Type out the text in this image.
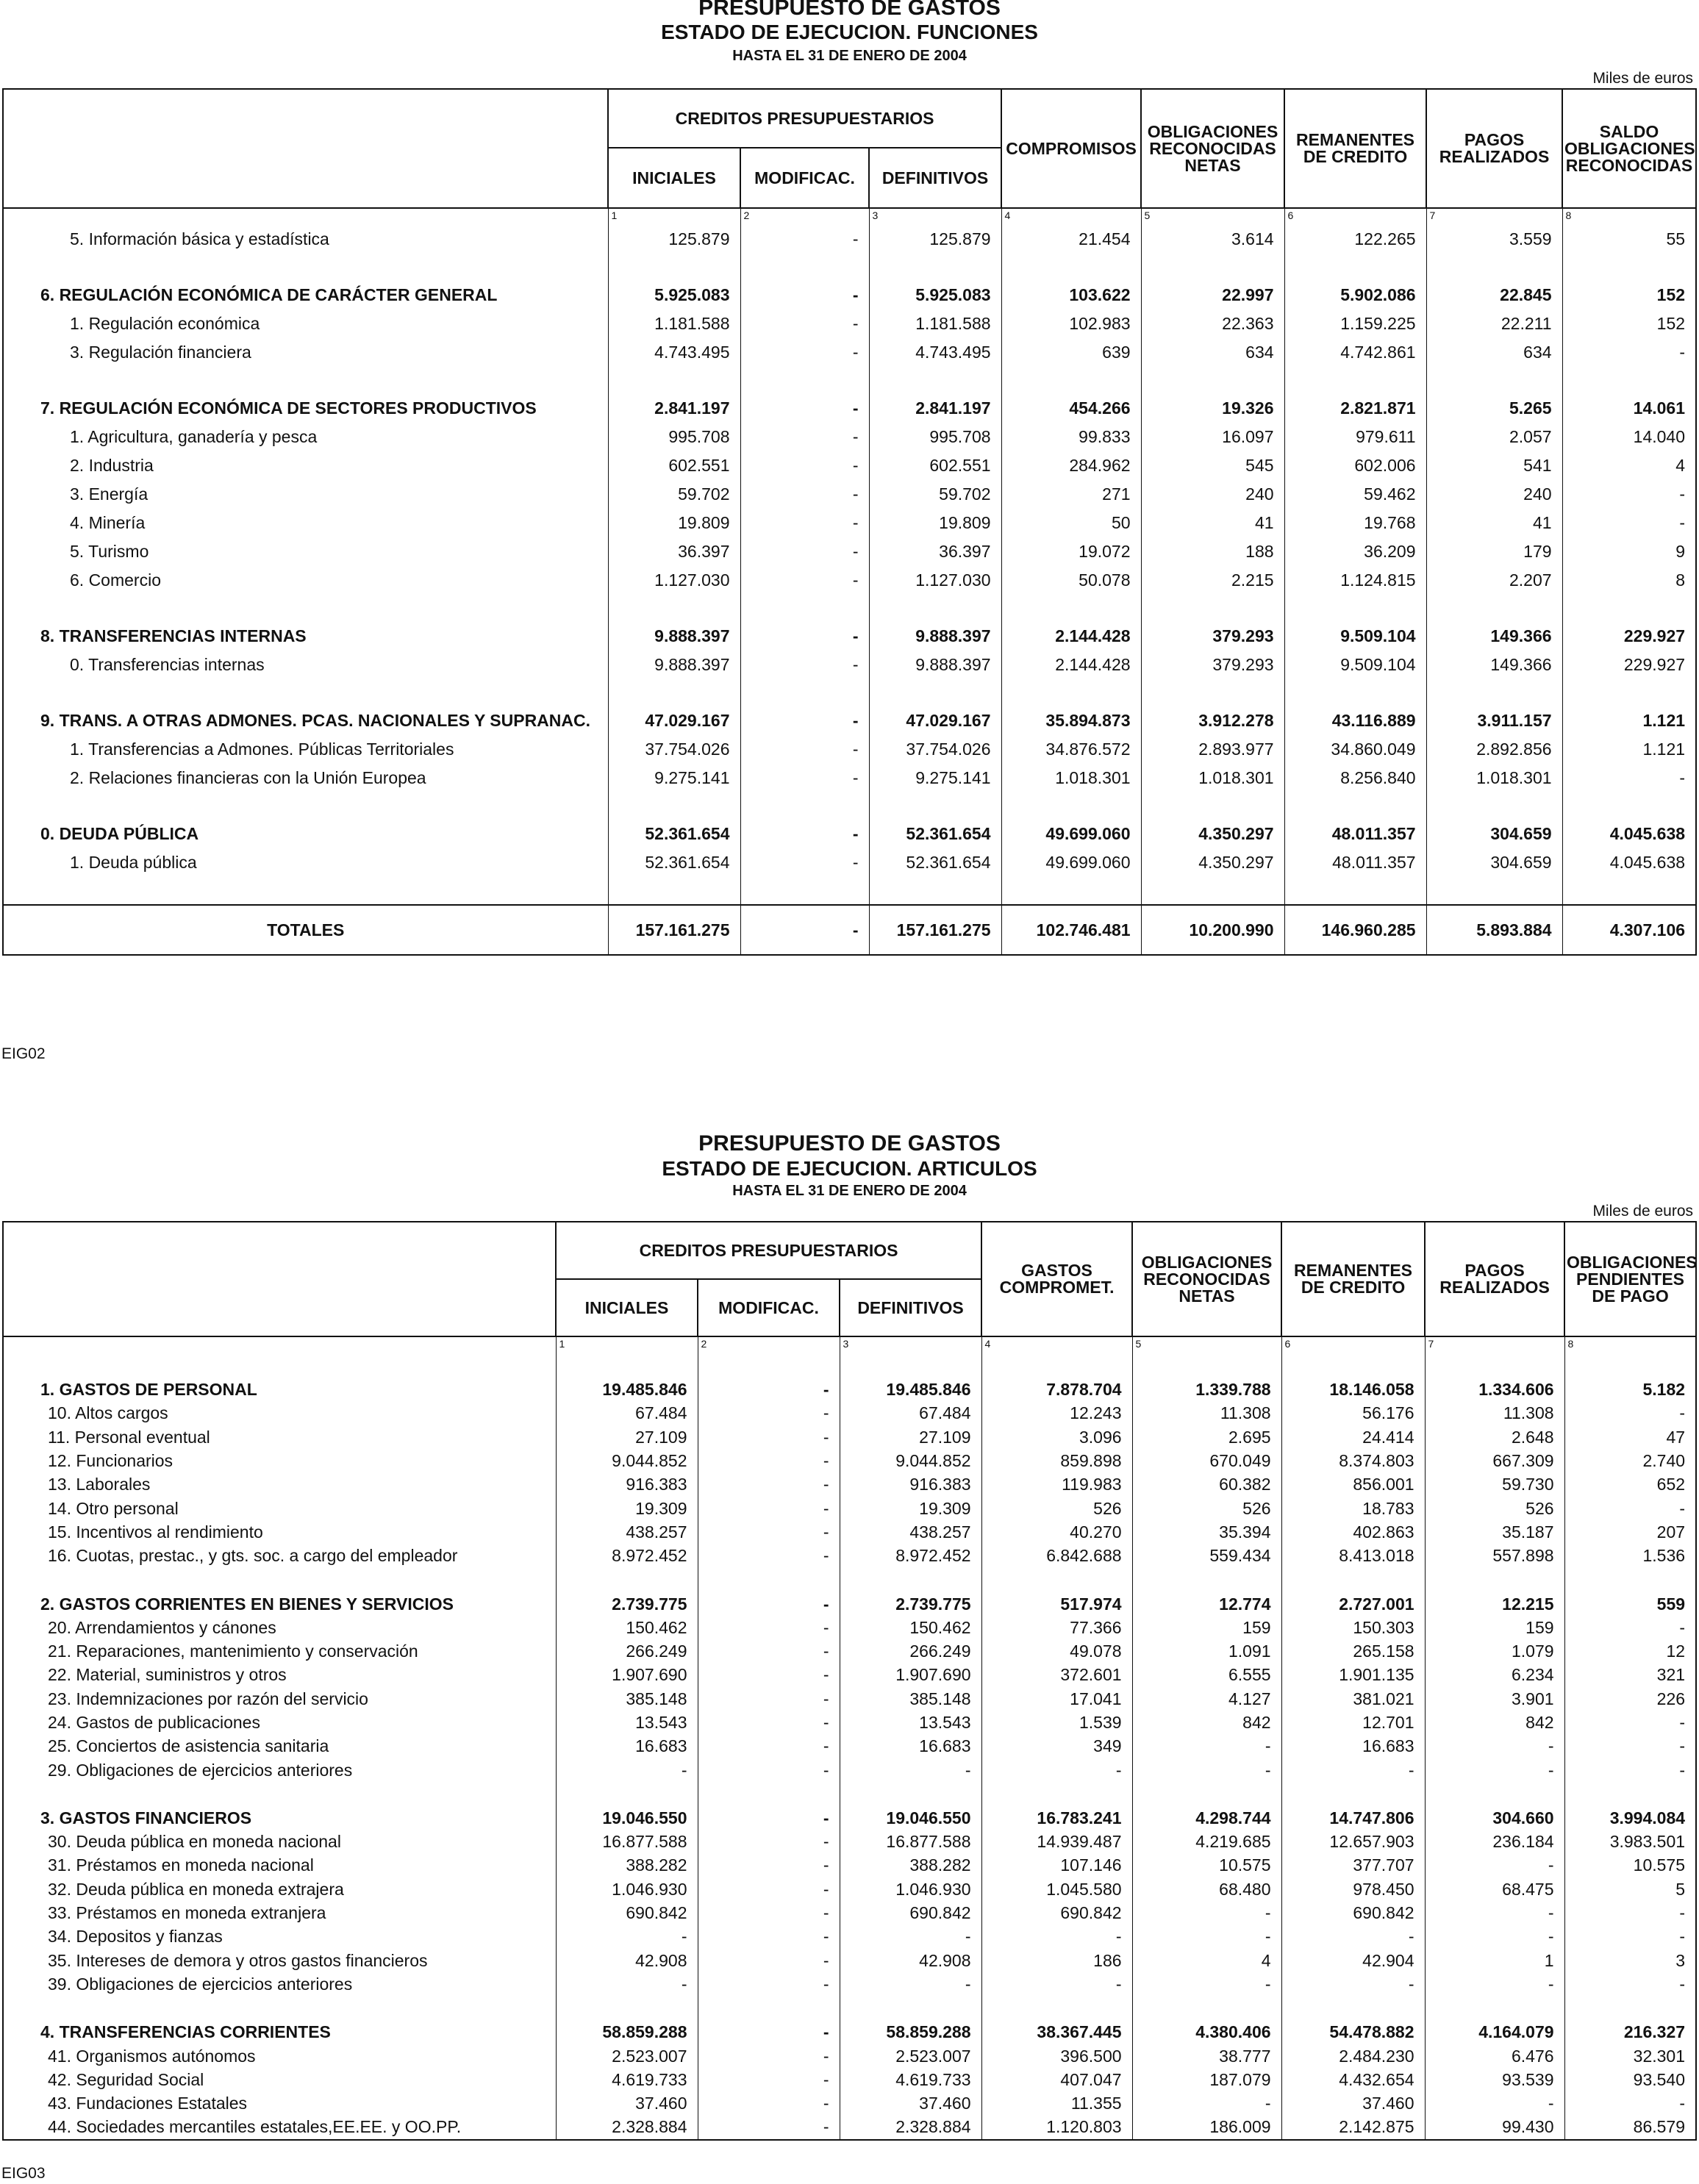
PRESUPUESTO DE GASTOS
ESTADO DE EJECUCION. FUNCIONES
HASTA EL 31 DE ENERO DE 2004
Miles de euros
	CREDITOS PRESUPUESTARIOS			COMPROMISOS	OBLIGACIONES RECONOCIDAS NETAS	REMANENTES DE CREDITO	PAGOS REALIZADOS	SALDO OBLIGACIONES RECONOCIDAS
	INICIALES	MODIFICAC.	DEFINITIVOS					
	1	2	3	4	5	6	7	8
5. Información básica y estadística	125.879	-	125.879	21.454	3.614	122.265	3.559	55

6. REGULACIÓN ECONÓMICA DE CARÁCTER GENERAL	5.925.083	-	5.925.083	103.622	22.997	5.902.086	22.845	152
1. Regulación económica	1.181.588	-	1.181.588	102.983	22.363	1.159.225	22.211	152
3. Regulación financiera	4.743.495	-	4.743.495	639	634	4.742.861	634	-

7. REGULACIÓN ECONÓMICA DE SECTORES PRODUCTIVOS	2.841.197	-	2.841.197	454.266	19.326	2.821.871	5.265	14.061
1. Agricultura, ganadería y pesca	995.708	-	995.708	99.833	16.097	979.611	2.057	14.040
2. Industria	602.551	-	602.551	284.962	545	602.006	541	4
3. Energía	59.702	-	59.702	271	240	59.462	240	-
4. Minería	19.809	-	19.809	50	41	19.768	41	-
5. Turismo	36.397	-	36.397	19.072	188	36.209	179	9
6. Comercio	1.127.030	-	1.127.030	50.078	2.215	1.124.815	2.207	8

8. TRANSFERENCIAS INTERNAS	9.888.397	-	9.888.397	2.144.428	379.293	9.509.104	149.366	229.927
0. Transferencias internas	9.888.397	-	9.888.397	2.144.428	379.293	9.509.104	149.366	229.927

9. TRANS. A OTRAS ADMONES. PCAS. NACIONALES Y SUPRANAC.	47.029.167	-	47.029.167	35.894.873	3.912.278	43.116.889	3.911.157	1.121
1. Transferencias a Admones. Públicas Territoriales	37.754.026	-	37.754.026	34.876.572	2.893.977	34.860.049	2.892.856	1.121
2. Relaciones financieras con la Unión Europea	9.275.141	-	9.275.141	1.018.301	1.018.301	8.256.840	1.018.301	-

0. DEUDA PÚBLICA	52.361.654	-	52.361.654	49.699.060	4.350.297	48.011.357	304.659	4.045.638
1. Deuda pública	52.361.654	-	52.361.654	49.699.060	4.350.297	48.011.357	304.659	4.045.638

TOTALES	157.161.275	-	157.161.275	102.746.481	10.200.990	146.960.285	5.893.884	4.307.106
EIG02
PRESUPUESTO DE GASTOS
ESTADO DE EJECUCION. ARTICULOS
HASTA EL 31 DE ENERO DE 2004
Miles de euros
	CREDITOS PRESUPUESTARIOS			GASTOS COMPROMET.	OBLIGACIONES RECONOCIDAS NETAS	REMANENTES DE CREDITO	PAGOS REALIZADOS	OBLIGACIONES PENDIENTES DE PAGO
	INICIALES	MODIFICAC.	DEFINITIVOS					
	1	2	3	4	5	6	7	8

1. GASTOS DE PERSONAL	19.485.846	-	19.485.846	7.878.704	1.339.788	18.146.058	1.334.606	5.182
10. Altos cargos	67.484	-	67.484	12.243	11.308	56.176	11.308	-
11. Personal eventual	27.109	-	27.109	3.096	2.695	24.414	2.648	47
12. Funcionarios	9.044.852	-	9.044.852	859.898	670.049	8.374.803	667.309	2.740
13. Laborales	916.383	-	916.383	119.983	60.382	856.001	59.730	652
14. Otro personal	19.309	-	19.309	526	526	18.783	526	-
15. Incentivos al rendimiento	438.257	-	438.257	40.270	35.394	402.863	35.187	207
16. Cuotas, prestac., y gts. soc. a cargo del empleador	8.972.452	-	8.972.452	6.842.688	559.434	8.413.018	557.898	1.536

2. GASTOS CORRIENTES EN BIENES Y SERVICIOS	2.739.775	-	2.739.775	517.974	12.774	2.727.001	12.215	559
20. Arrendamientos y cánones	150.462	-	150.462	77.366	159	150.303	159	-
21. Reparaciones, mantenimiento y conservación	266.249	-	266.249	49.078	1.091	265.158	1.079	12
22. Material, suministros y otros	1.907.690	-	1.907.690	372.601	6.555	1.901.135	6.234	321
23. Indemnizaciones por razón del servicio	385.148	-	385.148	17.041	4.127	381.021	3.901	226
24. Gastos de publicaciones	13.543	-	13.543	1.539	842	12.701	842	-
25. Conciertos de asistencia sanitaria	16.683	-	16.683	349	-	16.683	-	-
29. Obligaciones de ejercicios anteriores	-	-	-	-	-	-	-	-

3. GASTOS FINANCIEROS	19.046.550	-	19.046.550	16.783.241	4.298.744	14.747.806	304.660	3.994.084
30. Deuda pública en moneda nacional	16.877.588	-	16.877.588	14.939.487	4.219.685	12.657.903	236.184	3.983.501
31. Préstamos en moneda nacional	388.282	-	388.282	107.146	10.575	377.707	-	10.575
32. Deuda pública en moneda extrajera	1.046.930	-	1.046.930	1.045.580	68.480	978.450	68.475	5
33. Préstamos en moneda extranjera	690.842	-	690.842	690.842	-	690.842	-	-
34. Depositos y fianzas	-	-	-	-	-	-	-	-
35. Intereses de demora y otros gastos financieros	42.908	-	42.908	186	4	42.904	1	3
39. Obligaciones de ejercicios anteriores	-	-	-	-	-	-	-	-

4. TRANSFERENCIAS CORRIENTES	58.859.288	-	58.859.288	38.367.445	4.380.406	54.478.882	4.164.079	216.327
41. Organismos autónomos	2.523.007	-	2.523.007	396.500	38.777	2.484.230	6.476	32.301
42. Seguridad Social	4.619.733	-	4.619.733	407.047	187.079	4.432.654	93.539	93.540
43. Fundaciones Estatales	37.460	-	37.460	11.355	-	37.460	-	-
44. Sociedades mercantiles estatales,EE.EE. y OO.PP.	2.328.884	-	2.328.884	1.120.803	186.009	2.142.875	99.430	86.579
EIG03
